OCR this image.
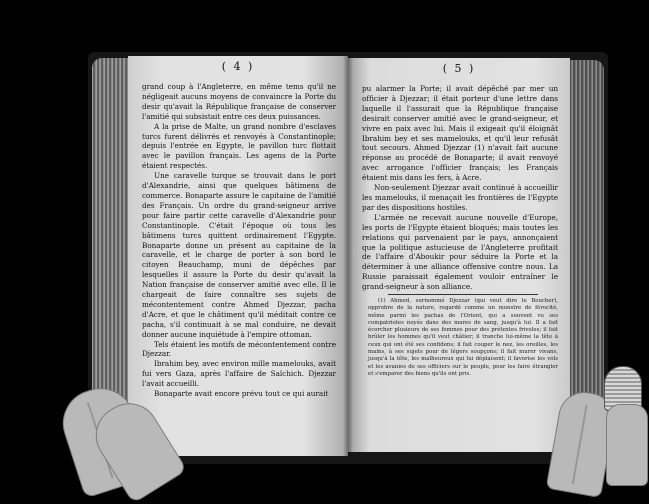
( 4 )

grand coup à l'Angleterre, en même tems qu'il ne négligeait aucuns moyens de convaincre la Porte du desir qu'avait la République française de conserver l'amitié qui subsistait entre ces deux puissances.

A la prise de Malte, un grand nombre d'esclaves turcs furent délivrés et renvoyés à Constantinople; depuis l'entrée en Egypte, le pavillon turc flottait avec le pavillon français. Les agens de la Porte étaient respectés.

Une caravelle turque se trouvait dans le port d'Alexandrie, ainsi que quelques bâtimens de commerce. Bonaparte assure le capitaine de l'amitié des Français. Un ordre du grand-seigneur arrive pour faire partir cette caravelle d'Alexandrie pour Constantinople. C'était l'époque où tous les bâtimens turcs quittent ordinairement l'Egypte. Bonaparte donne un présent au capitaine de la caravelle, et le charge de porter à son bord le citoyen Beauchamp, muni de dépêches par lesquelles il assure la Porte du desir qu'avait la Nation française de conserver amitié avec elle. Il le chargeait de faire connaître ses sujets de mécontentement contre Ahmed Djezzar, pacha d'Acre, et que le châtiment qu'il méditait contre ce pacha, s'il continuait à se mal conduire, ne devait donner aucune inquiétude à l'empire ottoman.

Tels étaient les motifs de mécontentement contre Djezzar.

Ibrahim bey, avec environ mille mamelouks, avait fui vers Gaza, après l'affaire de Salchich. Djezzar l'avait accueilli.

Bonaparte avait encore prévu tout ce qui aurait

( 5 )

pu alarmer la Porte; il avait dépêché par mer un officier à Djezzar; il était porteur d'une lettre dans laquelle il l'assurait que la République française desirait conserver amitié avec le grand-seigneur, et vivre en paix avec lui. Mais il exigeait qu'il éloignât Ibrahim bey et ses mamelouks, et qu'il leur refusât tout secours. Ahmed Djezzar (1) n'avait fait aucune réponse au procédé de Bonaparte; il avait renvoyé avec arrogance l'officier français; les Français étaient mis dans les fers, à Acre.

Non-seulement Djezzar avait continué à accueillir les mamelouks, il menaçait les frontières de l'Egypte par des dispositions hostiles.

L'armée ne recevait aucune nouvelle d'Europe, les ports de l'Egypte étaient bloqués; mais toutes les relations qui parvenaient par le pays, annonçaient que la politique astucieuse de l'Angleterre profitait de l'affaire d'Aboukir pour séduire la Porte et la déterminer à une alliance offensive contre nous. La Russie paraissait également vouloir entraîner le grand-seigneur à son alliance.

(1) Ahmed, surnommé Djezzar (qui veut dire le Boucher), opprobre de la nature, regardé comme un monstre de férocité, même parmi les pachas de l'Orient, qui a souvent vu ses compatriotes noyés dans des mares de sang, jusqu'à lui. Il a fait écorcher plusieurs de ses femmes pour des prétextes frivoles; il fait brûler les hommes qu'il veut châtier; il tranche lui-même la tête à ceux qui ont été ses confidens; il fait couper le nez, les oreilles, les mains, à ses sujets pour de légers soupçons; il fait murer vivans, jusqu'à la tête, les malheureux qui lui déplaisent; il favorise les vols et les avanies de ses officiers sur le peuple, pour les faire étrangler et s'emparer des biens qu'ils ont pris.
